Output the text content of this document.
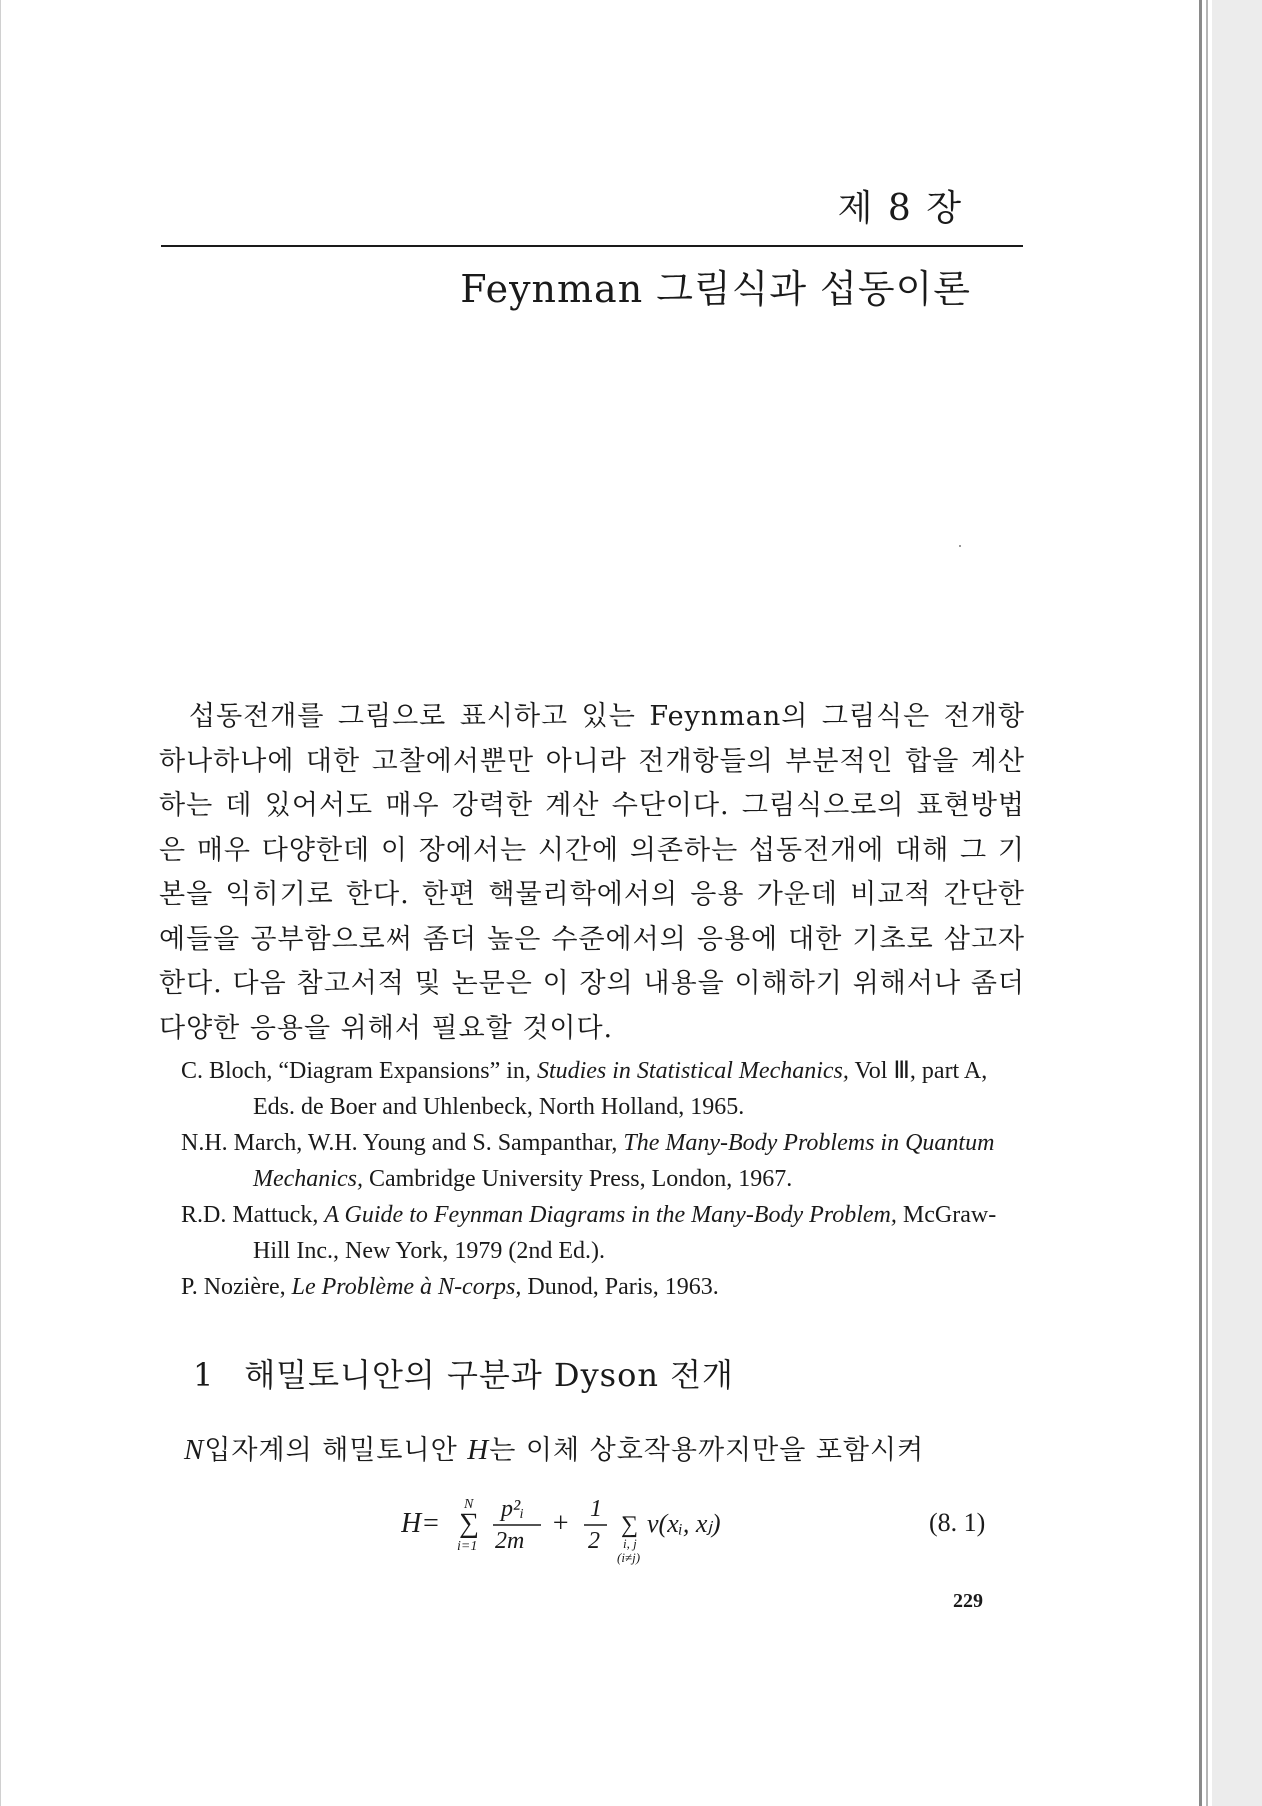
제 8 장
Feynman 그림식과 섭동이론

섭동전개를 그림으로 표시하고 있는 Feynman의 그림식은 전개항 하나하나에 대한 고찰에서뿐만 아니라 전개항들의 부분적인 합을 계산하는 데 있어서도 매우 강력한 계산 수단이다. 그림식으로의 표현방법은 매우 다양한데 이 장에서는 시간에 의존하는 섭동전개에 대해 그 기본을 익히기로 한다. 한편 핵물리학에서의 응용 가운데 비교적 간단한 예들을 공부함으로써 좀더 높은 수준에서의 응용에 대한 기초로 삼고자 한다. 다음 참고서적 및 논문은 이 장의 내용을 이해하기 위해서나 좀더 다양한 응용을 위해서 필요할 것이다.

C. Bloch, “Diagram Expansions” in, Studies in Statistical Mechanics, Vol Ⅲ, part A, Eds. de Boer and Uhlenbeck, North Holland, 1965.
N.H. March, W.H. Young and S. Sampanthar, The Many-Body Problems in Quantum Mechanics, Cambridge University Press, London, 1967.
R.D. Mattuck, A Guide to Feynman Diagrams in the Many-Body Problem, McGraw-Hill Inc., New York, 1979 (2nd Ed.).
P. Nozière, Le Problème à N-corps, Dunod, Paris, 1963.
1 해밀토니안의 구분과 Dyson 전개
N입자계의 해밀토니안 H는 이체 상호작용까지만을 포함시켜
H= ∑
N
i=1
p²ᵢ
2m
+ 1
2
∑
i, j
(i≠j)
v(xᵢ, xⱼ)	(8. 1)
229
